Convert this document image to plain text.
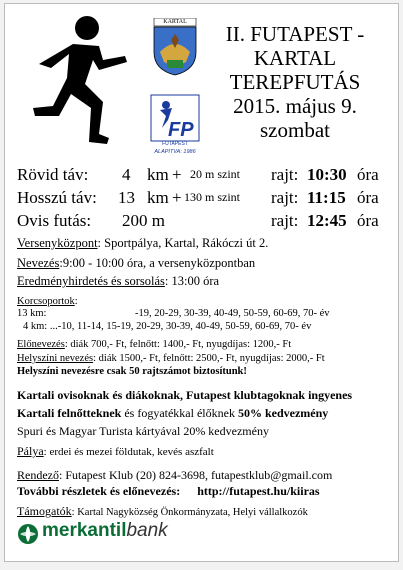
KARTAL
FP
FUTAPEST
ALAPITVA: 1986
II. FUTAPEST -
KARTAL
TEREPFUTÁS
2015. május 9.
szombat
Rövid táv: 4 km + 20 m szint rajt: 10:30 óra
Hosszú táv: 13 km + 130 m szint rajt: 11:15 óra
Ovis futás: 200 m	rajt: 12:45 óra
Versenyközpont: Sportpálya, Kartal, Rákóczi út 2.
Nevezés:9:00 - 10:00 óra, a versenyközpontban
Eredményhirdetés és sorsolás: 13:00 óra
Korcsoportok:
13 km:	-19, 20-29, 30-39, 40-49, 50-59, 60-69, 70- év
4 km: ...-10, 11-14, 15-19, 20-29, 30-39, 40-49, 50-59, 60-69, 70- év
Előnevezés: diák 700,- Ft, felnőtt: 1400,- Ft, nyugdíjas: 1200,- Ft
Helyszíni nevezés: diák 1500,- Ft, felnőtt: 2500,- Ft, nyugdíjas: 2000,- Ft
Helyszíni nevezésre csak 50 rajtszámot biztosítunk!
Kartali ovisoknak és diákoknak, Futapest klubtagoknak ingyenes
Kartali felnőtteknek és fogyatékkal élőknek 50% kedvezmény
Spuri és Magyar Turista kártyával 20% kedvezmény
Pálya: erdei és mezei földutak, kevés aszfalt
Rendező: Futapest Klub (20) 824-3698, futapestklub@gmail.com
További részletek és előnevezés: http://futapest.hu/kiiras
Támogatók: Kartal Nagyközség Önkormányzata, Helyi vállalkozók
merkantilbank
